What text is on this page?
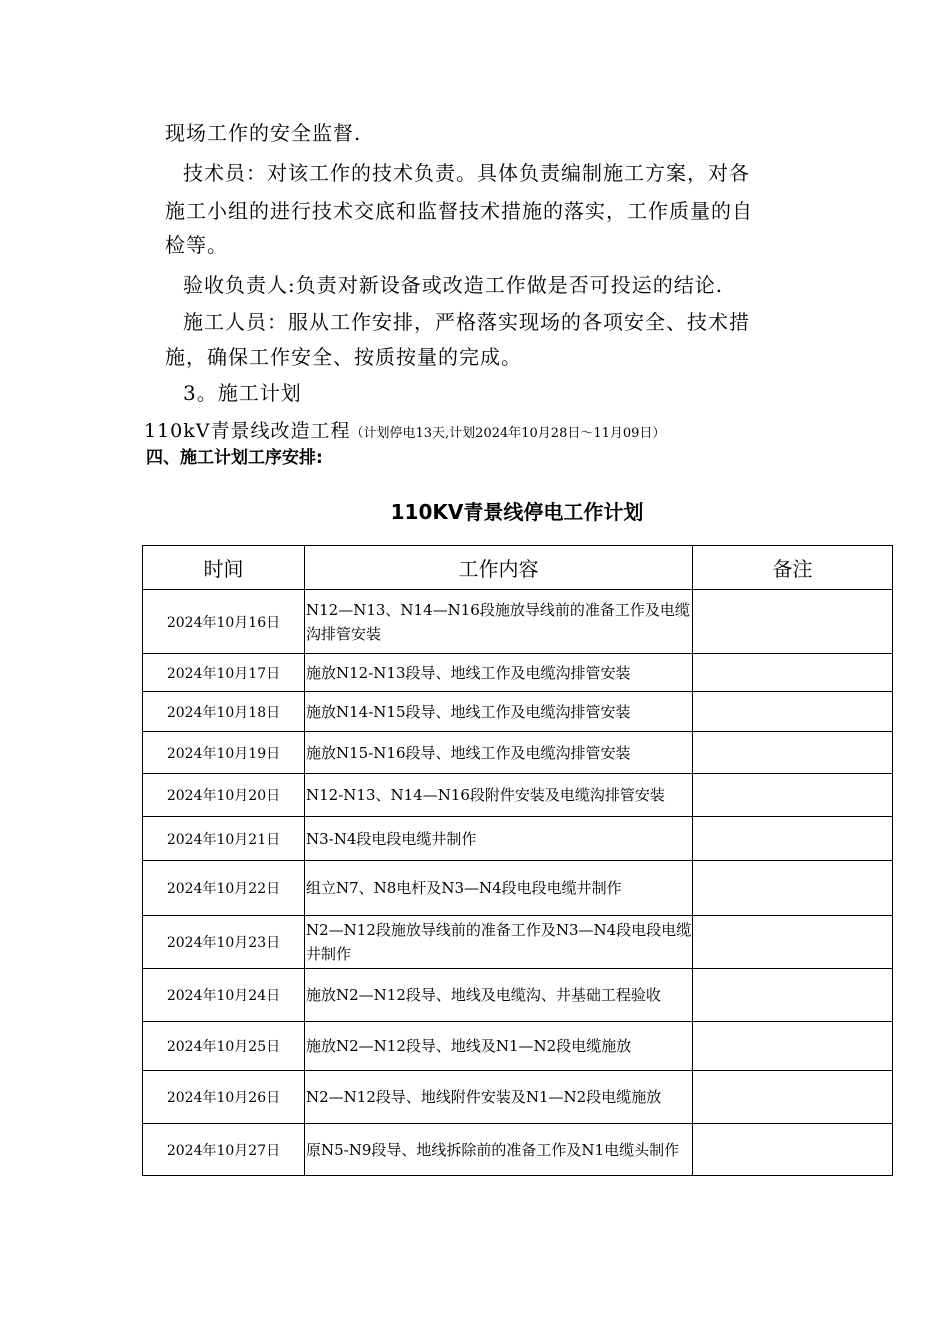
现场工作的安全监督.
技术员：对该工作的技术负责。具体负责编制施工方案，对各
施工小组的进行技术交底和监督技术措施的落实，工作质量的自
检等。
验收负责人:负责对新设备或改造工作做是否可投运的结论.
施工人员：服从工作安排，严格落实现场的各项安全、技术措
施，确保工作安全、按质按量的完成。
3。施工计划
110kV青景线改造工程（计划停电13天,计划2024年10月28日～11月09日）
四、施工计划工序安排:
110KV青景线停电工作计划
时间	工作内容	备注
2024年10月16日	N12—N13、N14—N16段施放导线前的准备工作及电缆沟排管安装	
2024年10月17日	施放N12-N13段导、地线工作及电缆沟排管安装	
2024年10月18日	施放N14-N15段导、地线工作及电缆沟排管安装	
2024年10月19日	施放N15-N16段导、地线工作及电缆沟排管安装	
2024年10月20日	N12-N13、N14—N16段附件安装及电缆沟排管安装	
2024年10月21日	N3-N4段电段电缆井制作	
2024年10月22日	组立N7、N8电杆及N3—N4段电段电缆井制作	
2024年10月23日	N2—N12段施放导线前的准备工作及N3—N4段电段电缆井制作	
2024年10月24日	施放N2—N12段导、地线及电缆沟、井基础工程验收	
2024年10月25日	施放N2—N12段导、地线及N1—N2段电缆施放	
2024年10月26日	N2—N12段导、地线附件安装及N1—N2段电缆施放	
2024年10月27日	原N5-N9段导、地线拆除前的准备工作及N1电缆头制作	
